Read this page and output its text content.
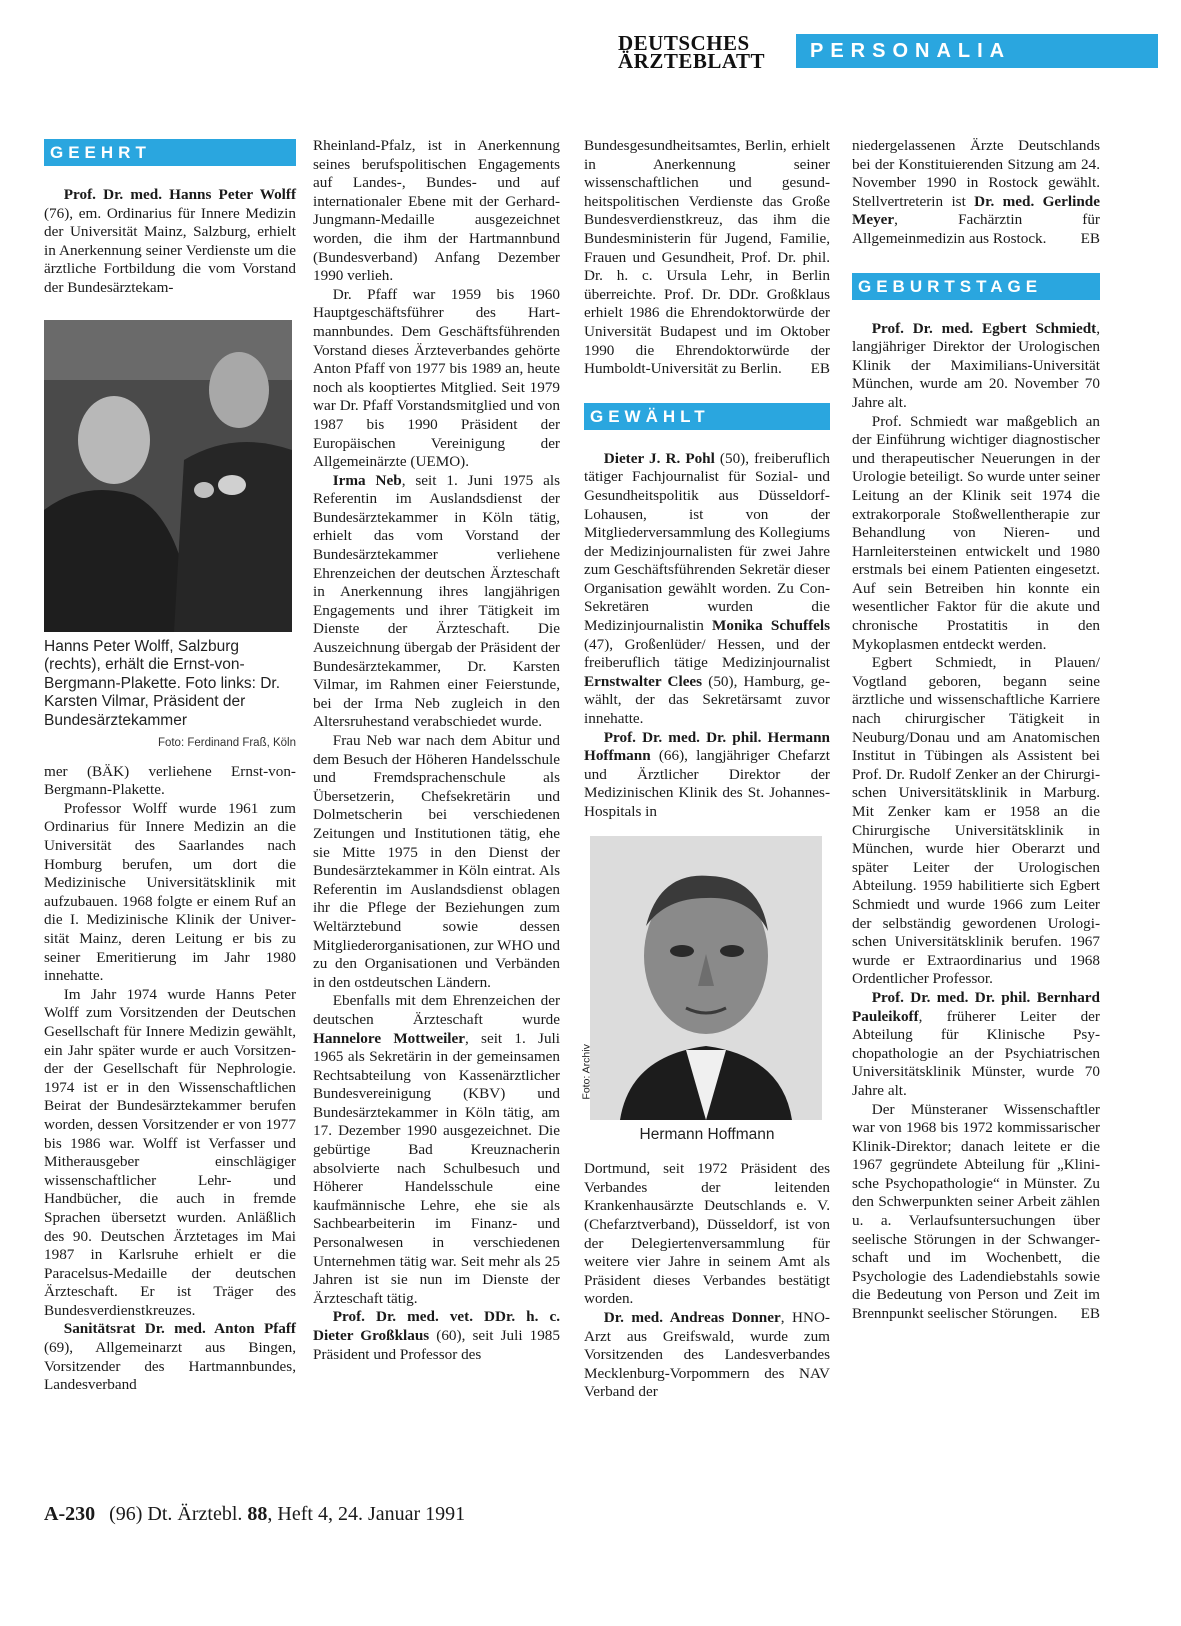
DEUTSCHES
ÄRZTEBLATT	PERSONALIA
GEEHRT

Prof. Dr. med. Hanns Peter Wolff (76), em. Ordinarius für Innere Medizin der Universität Mainz, Salzburg, erhielt in Anerkennung seiner Verdienste um die ärztliche Fortbildung die vom Vorstand der Bundesärztekam-

Hanns Peter Wolff, Salzburg (rechts), erhält die Ernst-von-Bergmann-Plakette. Foto links: Dr. Karsten Vilmar, Präsident der Bundesärztekammer
Foto: Ferdinand Fraß, Köln

mer (BÄK) verliehene Ernst-von-Bergmann-Plakette.

Professor Wolff wurde 1961 zum Ordinarius für Innere Medizin an die Universität des Saarlandes nach Homburg berufen, um dort die Medizinische Universitätsklinik mit aufzubauen. 1968 folgte er einem Ruf an die I. Medizinische Klinik der Universität Mainz, deren Leitung er bis zu seiner Emeritierung im Jahr 1980 innehatte.

Im Jahr 1974 wurde Hanns Peter Wolff zum Vorsitzenden der Deutschen Gesellschaft für Innere Medizin gewählt, ein Jahr später wurde er auch Vorsitzender der Gesellschaft für Nephrologie. 1974 ist er in den Wissenschaftlichen Beirat der Bundesärztekammer berufen worden, dessen Vorsitzender er von 1977 bis 1986 war. Wolff ist Verfasser und Mitherausgeber einschlägiger wissenschaftlicher Lehr- und Handbücher, die auch in fremde Sprachen übersetzt wurden. Anläßlich des 90. Deutschen Ärztetages im Mai 1987 in Karlsruhe erhielt er die Paracelsus-Medaille der deutschen Ärzteschaft. Er ist Träger des Bundesverdienstkreuzes.

Sanitätsrat Dr. med. Anton Pfaff (69), Allgemeinarzt aus Bingen, Vorsitzender des Hartmannbundes, Landesverband

Rheinland-Pfalz, ist in Anerkennung seines berufspolitischen Engagements auf Landes-, Bundes- und auf internationaler Ebene mit der Gerhard-Jungmann-Medaille ausgezeichnet worden, die ihm der Hartmannbund (Bundesverband) Anfang Dezember 1990 verlieh.

Dr. Pfaff war 1959 bis 1960 Hauptgeschäftsführer des Hartmannbundes. Dem Geschäftsführenden Vorstand dieses Ärzteverbandes gehörte Anton Pfaff von 1977 bis 1989 an, heute noch als kooptiertes Mitglied. Seit 1979 war Dr. Pfaff Vorstandsmitglied und von 1987 bis 1990 Präsident der Europäischen Vereinigung der Allgemeinärzte (UEMO).

Irma Neb, seit 1. Juni 1975 als Referentin im Auslandsdienst der Bundesärztekammer in Köln tätig, erhielt das vom Vorstand der Bundesärztekammer verliehene Ehrenzeichen der deutschen Ärzteschaft in Anerkennung ihres langjährigen Engagements und ihrer Tätigkeit im Dienste der Ärzteschaft. Die Auszeichnung übergab der Präsident der Bundesärztekammer, Dr. Karsten Vilmar, im Rahmen einer Feierstunde, bei der Irma Neb zugleich in den Altersruhestand verabschiedet wurde.

Frau Neb war nach dem Abitur und dem Besuch der Höheren Handelsschule und Fremdsprachenschule als Übersetzerin, Chefsekretärin und Dolmetscherin bei verschiedenen Zeitungen und Institutionen tätig, ehe sie Mitte 1975 in den Dienst der Bundesärztekammer in Köln eintrat. Als Referentin im Auslandsdienst oblagen ihr die Pflege der Beziehungen zum Weltärztebund sowie dessen Mitgliederorganisationen, zur WHO und zu den Organisationen und Verbänden in den ostdeutschen Ländern.

Ebenfalls mit dem Ehrenzeichen der deutschen Ärzteschaft wurde Hannelore Mottweiler, seit 1. Juli 1965 als Sekretärin in der gemeinsamen Rechtsabteilung von Kassenärztlicher Bundesvereinigung (KBV) und Bundesärztekammer in Köln tätig, am 17. Dezember 1990 ausgezeichnet. Die gebürtige Bad Kreuznacherin absolvierte nach Schulbesuch und Höherer Handelsschule eine kaufmännische Lehre, ehe sie als Sachbearbeiterin im Finanz- und Personalwesen in verschiedenen Unternehmen tätig war. Seit mehr als 25 Jahren ist sie nun im Dienste der Ärzteschaft tätig.

Prof. Dr. med. vet. DDr. h. c. Dieter Großklaus (60), seit Juli 1985 Präsident und Professor des

Bundesgesundheitsamtes, Berlin, erhielt in Anerkennung seiner wissenschaftlichen und gesundheitspolitischen Verdienste das Große Bundesverdienstkreuz, das ihm die Bundesministerin für Jugend, Familie, Frauen und Gesundheit, Prof. Dr. phil. Dr. h. c. Ursula Lehr, in Berlin überreichte. Prof. Dr. DDr. Großklaus erhielt 1986 die Ehrendoktorwürde der Universität Budapest und im Oktober 1990 die Ehrendoktorwürde der Humboldt-Universität zu Berlin. EB

GEWÄHLT

Dieter J. R. Pohl (50), freiberuflich tätiger Fachjournalist für Sozial- und Gesundheitspolitik aus Düsseldorf-Lohausen, ist von der Mitgliederversammlung des Kollegiums der Medizinjournalisten für zwei Jahre zum Geschäftsführenden Sekretär dieser Organisation gewählt worden. Zu Con-Sekretären wurden die Medizinjournalistin Monika Schuffels (47), Großenlüder/ Hessen, und der freiberuflich tätige Medizinjournalist Ernstwalter Clees (50), Hamburg, gewählt, der das Sekretärsamt zuvor innehatte.

Prof. Dr. med. Dr. phil. Hermann Hoffmann (66), langjähriger Chefarzt und Ärztlicher Direktor der Medizinischen Klinik des St. Johannes-Hospitals in

Foto: Archiv
Hermann Hoffmann

Dortmund, seit 1972 Präsident des Verbandes der leitenden Krankenhausärzte Deutschlands e. V. (Chefarztverband), Düsseldorf, ist von der Delegiertenversammlung für weitere vier Jahre in seinem Amt als Präsident dieses Verbandes bestätigt worden.

Dr. med. Andreas Donner, HNO-Arzt aus Greifswald, wurde zum Vorsitzenden des Landesverbandes Mecklenburg-Vorpommern des NAV Verband der

niedergelassenen Ärzte Deutschlands bei der Konstituierenden Sitzung am 24. November 1990 in Rostock gewählt. Stellvertreterin ist Dr. med. Gerlinde Meyer, Fachärztin für Allgemeinmedizin aus Rostock. EB

GEBURTSTAGE

Prof. Dr. med. Egbert Schmiedt, langjähriger Direktor der Urologischen Klinik der Maximilians-Universität München, wurde am 20. November 70 Jahre alt.

Prof. Schmiedt war maßgeblich an der Einführung wichtiger diagnostischer und therapeutischer Neuerungen in der Urologie beteiligt. So wurde unter seiner Leitung an der Klinik seit 1974 die extrakorporale Stoßwellentherapie zur Behandlung von Nieren- und Harnleitersteinen entwickelt und 1980 erstmals bei einem Patienten eingesetzt. Auf sein Betreiben hin konnte ein wesentlicher Faktor für die akute und chronische Prostatitis in den Mykoplasmen entdeckt werden.

Egbert Schmiedt, in Plauen/ Vogtland geboren, begann seine ärztliche und wissenschaftliche Karriere nach chirurgischer Tätigkeit in Neuburg/Donau und am Anatomischen Institut in Tübingen als Assistent bei Prof. Dr. Rudolf Zenker an der Chirurgischen Universitätsklinik in Marburg. Mit Zenker kam er 1958 an die Chirurgische Universitätsklinik in München, wurde hier Oberarzt und später Leiter der Urologischen Abteilung. 1959 habilitierte sich Egbert Schmiedt und wurde 1966 zum Leiter der selbständig gewordenen Urologischen Universitätsklinik berufen. 1967 wurde er Extraordinarius und 1968 Ordentlicher Professor.

Prof. Dr. med. Dr. phil. Bernhard Pauleikoff, früherer Leiter der Abteilung für Klinische Psychopathologie an der Psychiatrischen Universitätsklinik Münster, wurde 70 Jahre alt.

Der Münsteraner Wissenschaftler war von 1968 bis 1972 kommissarischer Klinik-Direktor; danach leitete er die 1967 gegründete Abteilung für „Klinische Psychopathologie“ in Münster. Zu den Schwerpunkten seiner Arbeit zählen u. a. Verlaufsuntersuchungen über seelische Störungen in der Schwangerschaft und im Wochenbett, die Psychologie des Ladendiebstahls sowie die Bedeutung von Person und Zeit im Brennpunkt seelischer Störungen. EB

A-230 (96) Dt. Ärztebl. 88, Heft 4, 24. Januar 1991
